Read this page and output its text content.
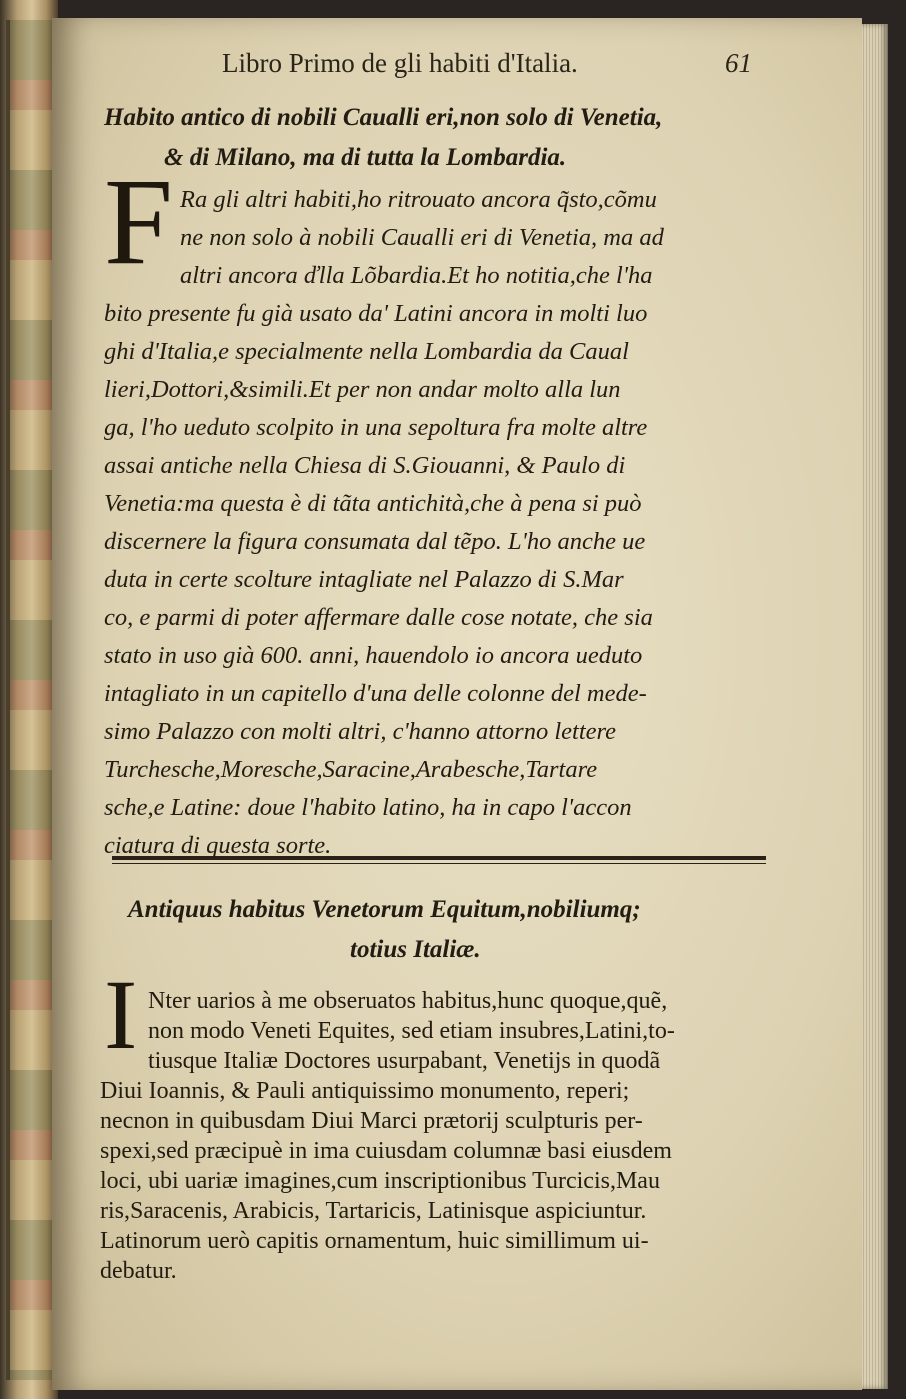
Libro Primo de gli habiti d'Italia.	61
Habito antico di nobili Caualli eri,non solo di Venetia,
& di Milano, ma di tutta la Lombardia.
F Ra gli altri habiti,ho ritrouato ancora q̃sto,cõmu
ne non solo à nobili Caualli eri di Venetia, ma ad
altri ancora ďlla Lõbardia.Et ho notitia,che l'ha
bito presente fu già usato da' Latini ancora in molti luo
ghi d'Italia,e specialmente nella Lombardia da Caual
lieri,Dottori,&simili.Et per non andar molto alla lun
ga, l'ho ueduto scolpito in una sepoltura fra molte altre
assai antiche nella Chiesa di S.Giouanni, & Paulo di
Venetia:ma questa è di tãta antichità,che à pena si può
discernere la figura consumata dal tẽpo. L'ho anche ue
duta in certe scolture intagliate nel Palazzo di S.Mar
co, e parmi di poter affermare dalle cose notate, che sia
stato in uso già 600. anni, hauendolo io ancora ueduto
intagliato in un capitello d'una delle colonne del mede-
simo Palazzo con molti altri, c'hanno attorno lettere
Turchesche,Moresche,Saracine,Arabesche,Tartare
sche,e Latine: doue l'habito latino, ha in capo l'accon
Antiquus habitus Venetorum Equitum,nobiliumq;
totius Italiæ.
I Nter uarios à me obseruatos habitus,hunc quoque,quẽ,
non modo Veneti Equites, sed etiam insubres,Latini,to-
tiusque Italiæ Doctores usurpabant, Venetijs in quodã
Diui Ioannis, & Pauli antiquissimo monumento, reperi;
necnon in quibusdam Diui Marci prætorij sculpturis per-
spexi,sed præcipuè in ima cuiusdam columnæ basi eiusdem
loci, ubi uariæ imagines,cum inscriptionibus Turcicis,Mau
ris,Saracenis, Arabicis, Tartaricis, Latinisque aspiciuntur.
Latinorum uerò capitis ornamentum, huic simillimum ui-
debatur.
ciatura di questa sorte.
